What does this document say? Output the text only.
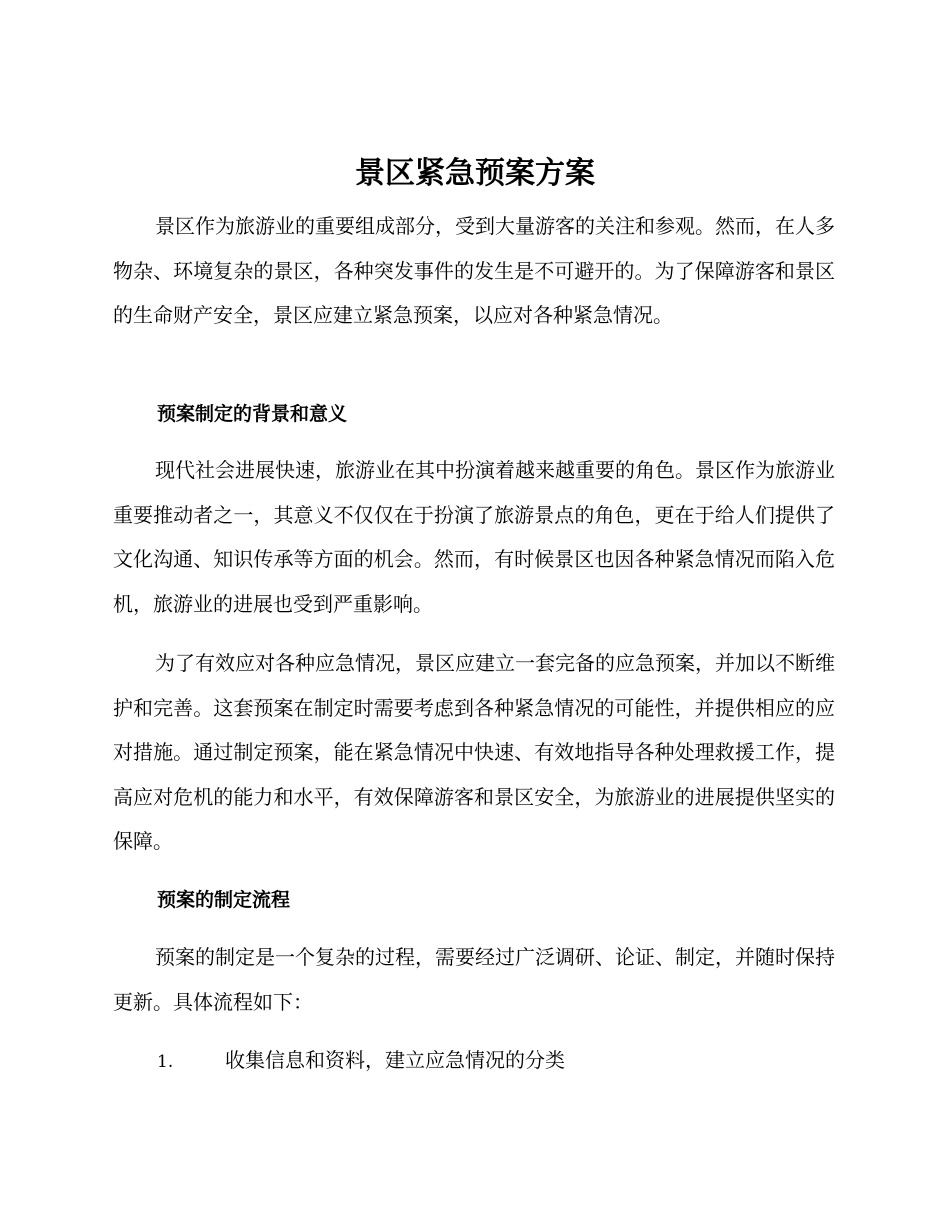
景区紧急预案方案

景区作为旅游业的重要组成部分，受到大量游客的关注和参观。然而，在人多物杂、环境复杂的景区，各种突发事件的发生是不可避开的。为了保障游客和景区的生命财产安全，景区应建立紧急预案，以应对各种紧急情况。

预案制定的背景和意义

现代社会进展快速，旅游业在其中扮演着越来越重要的角色。景区作为旅游业重要推动者之一，其意义不仅仅在于扮演了旅游景点的角色，更在于给人们提供了文化沟通、知识传承等方面的机会。然而，有时候景区也因各种紧急情况而陷入危机，旅游业的进展也受到严重影响。

为了有效应对各种应急情况，景区应建立一套完备的应急预案，并加以不断维护和完善。这套预案在制定时需要考虑到各种紧急情况的可能性，并提供相应的应对措施。通过制定预案，能在紧急情况中快速、有效地指导各种处理救援工作，提高应对危机的能力和水平，有效保障游客和景区安全，为旅游业的进展提供坚实的保障。

预案的制定流程

预案的制定是一个复杂的过程，需要经过广泛调研、论证、制定，并随时保持更新。具体流程如下：

1.	收集信息和资料，建立应急情况的分类
